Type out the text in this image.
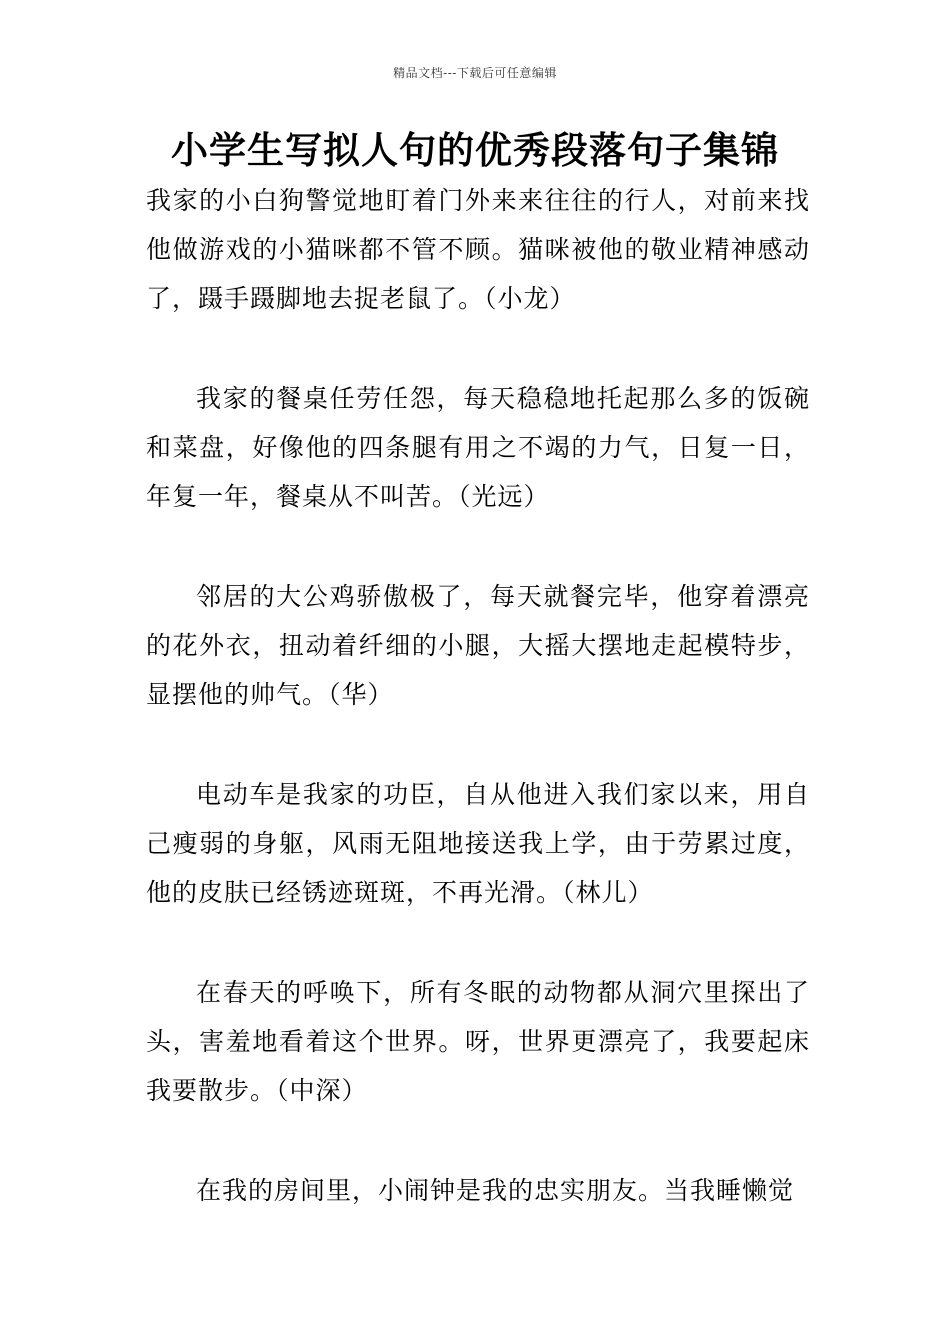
精品文档---下载后可任意编辑
小学生写拟人句的优秀段落句子集锦

我家的小白狗警觉地盯着门外来来往往的行人，对前来找他做游戏的小猫咪都不管不顾。猫咪被他的敬业精神感动了，蹑手蹑脚地去捉老鼠了。（小龙）

我家的餐桌任劳任怨，每天稳稳地托起那么多的饭碗和菜盘，好像他的四条腿有用之不竭的力气，日复一日，年复一年，餐桌从不叫苦。（光远）

邻居的大公鸡骄傲极了，每天就餐完毕，他穿着漂亮的花外衣，扭动着纤细的小腿，大摇大摆地走起模特步，显摆他的帅气。（华）

电动车是我家的功臣，自从他进入我们家以来，用自己瘦弱的身躯，风雨无阻地接送我上学，由于劳累过度，他的皮肤已经锈迹斑斑，不再光滑。（林儿）

在春天的呼唤下，所有冬眠的动物都从洞穴里探出了头，害羞地看着这个世界。呀，世界更漂亮了，我要起床我要散步。（中深）

在我的房间里，小闹钟是我的忠实朋友。当我睡懒觉
